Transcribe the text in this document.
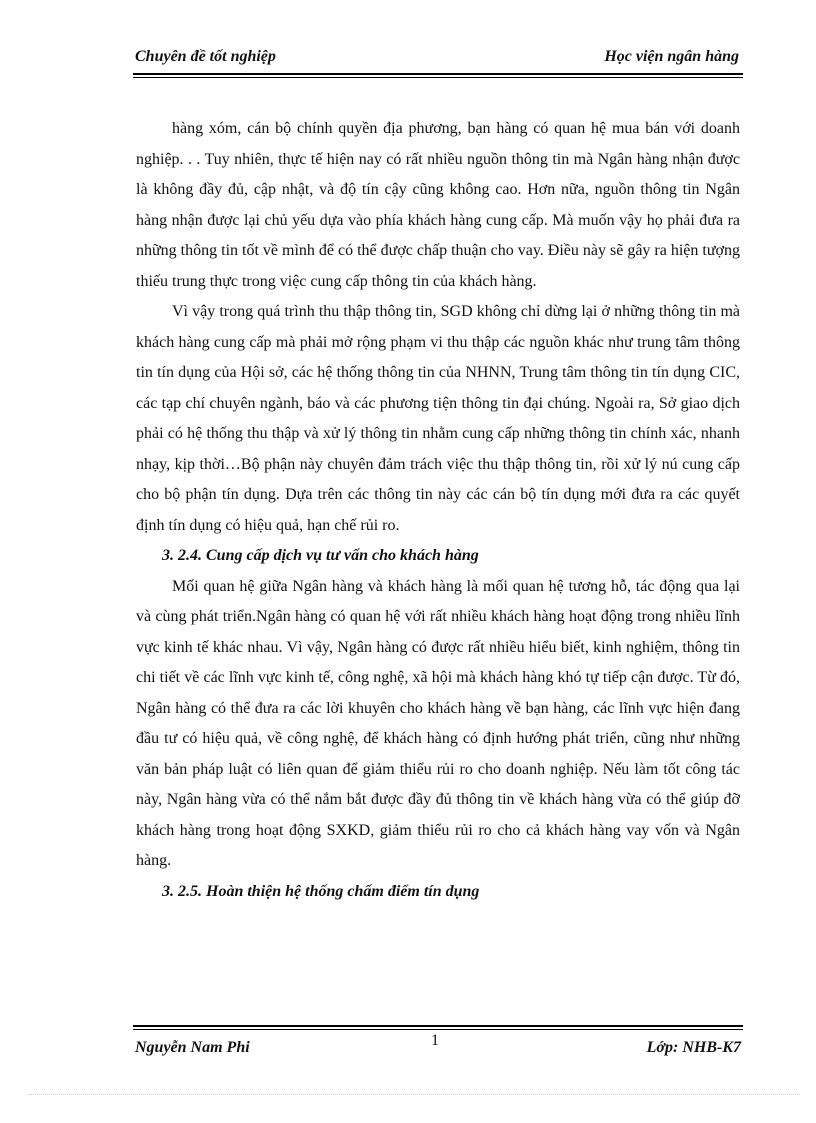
Chuyên đề tốt nghiệp	Học viện ngân hàng

hàng xóm, cán bộ chính quyền địa phương, bạn hàng có quan hệ mua bán với doanh nghiệp. . . Tuy nhiên, thực tế hiện nay có rất nhiều nguồn thông tin mà Ngân hàng nhận được là không đầy đủ, cập nhật, và độ tín cậy cũng không cao. Hơn nữa, nguồn thông tin Ngân hàng nhận được lại chủ yếu dựa vào phía khách hàng cung cấp. Mà muốn vậy họ phải đưa ra những thông tin tốt về mình để có thể được chấp thuận cho vay. Điều này sẽ gây ra hiện tượng thiếu trung thực trong việc cung cấp thông tin của khách hàng.

Vì vậy trong quá trình thu thập thông tin, SGD không chỉ dừng lại ở những thông tin mà khách hàng cung cấp mà phải mở rộng phạm vi thu thập các nguồn khác như trung tâm thông tin tín dụng của Hội sở, các hệ thống thông tin của NHNN, Trung tâm thông tin tín dụng CIC, các tạp chí chuyên ngành, báo và các phương tiện thông tin đại chúng. Ngoài ra, Sở giao dịch phải có hệ thống thu thập và xử lý thông tin nhằm cung cấp những thông tin chính xác, nhanh nhạy, kịp thời…Bộ phận này chuyên đảm trách việc thu thập thông tin, rồi xử lý nú cung cấp cho bộ phận tín dụng. Dựa trên các thông tin này các cán bộ tín dụng mới đưa ra các quyết định tín dụng có hiệu quả, hạn chế rủi ro.

3. 2.4. Cung cấp dịch vụ tư vấn cho khách hàng

Mối quan hệ giữa Ngân hàng và khách hàng là mối quan hệ tương hỗ, tác động qua lại và cùng phát triển.Ngân hàng có quan hệ với rất nhiều khách hàng hoạt động trong nhiều lĩnh vực kinh tế khác nhau. Vì vậy, Ngân hàng có được rất nhiều hiểu biết, kinh nghiệm, thông tin chi tiết về các lĩnh vực kinh tế, công nghệ, xã hội mà khách hàng khó tự tiếp cận được. Từ đó, Ngân hàng có thể đưa ra các lời khuyên cho khách hàng về bạn hàng, các lĩnh vực hiện đang đầu tư có hiệu quả, về công nghệ, để khách hàng có định hướng phát triển, cũng như những văn bản pháp luật có liên quan để giảm thiểu rủi ro cho doanh nghiệp. Nếu làm tốt công tác này, Ngân hàng vừa có thể nắm bắt được đầy đủ thông tin về khách hàng vừa có thể giúp đỡ khách hàng trong hoạt động SXKD, giảm thiểu rủi ro cho cả khách hàng vay vốn và Ngân hàng.

3. 2.5. Hoàn thiện hệ thống chấm điểm tín dụng
Nguyễn Nam Phi	1	Lớp: NHB-K7
